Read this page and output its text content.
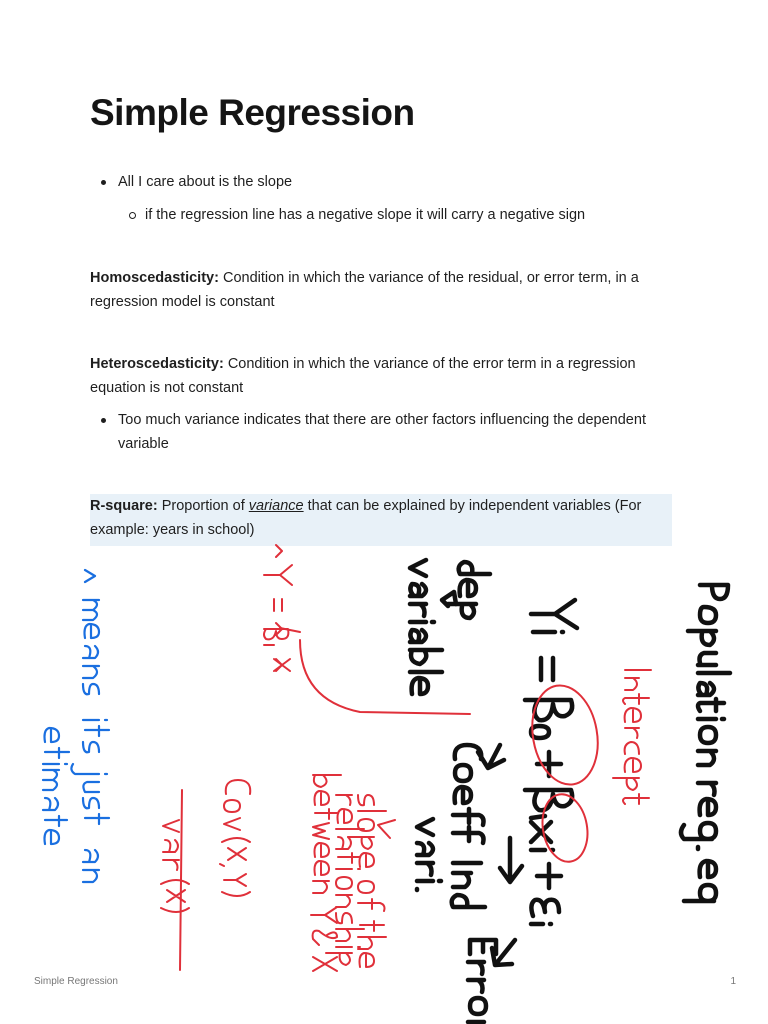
Simple Regression
All I care about is the slope
if the regression line has a negative slope it will carry a negative sign

Homoscedasticity: Condition in which the variance of the residual, or error term, in a regression model is constant

Heteroscedasticity: Condition in which the variance of the error term in a regression equation is not constant

Too much variance indicates that there are other factors influencing the dependent variable
R-square: Proportion of variance that can be explained by independent variables (For example: years in school)
Simple Regression	1
